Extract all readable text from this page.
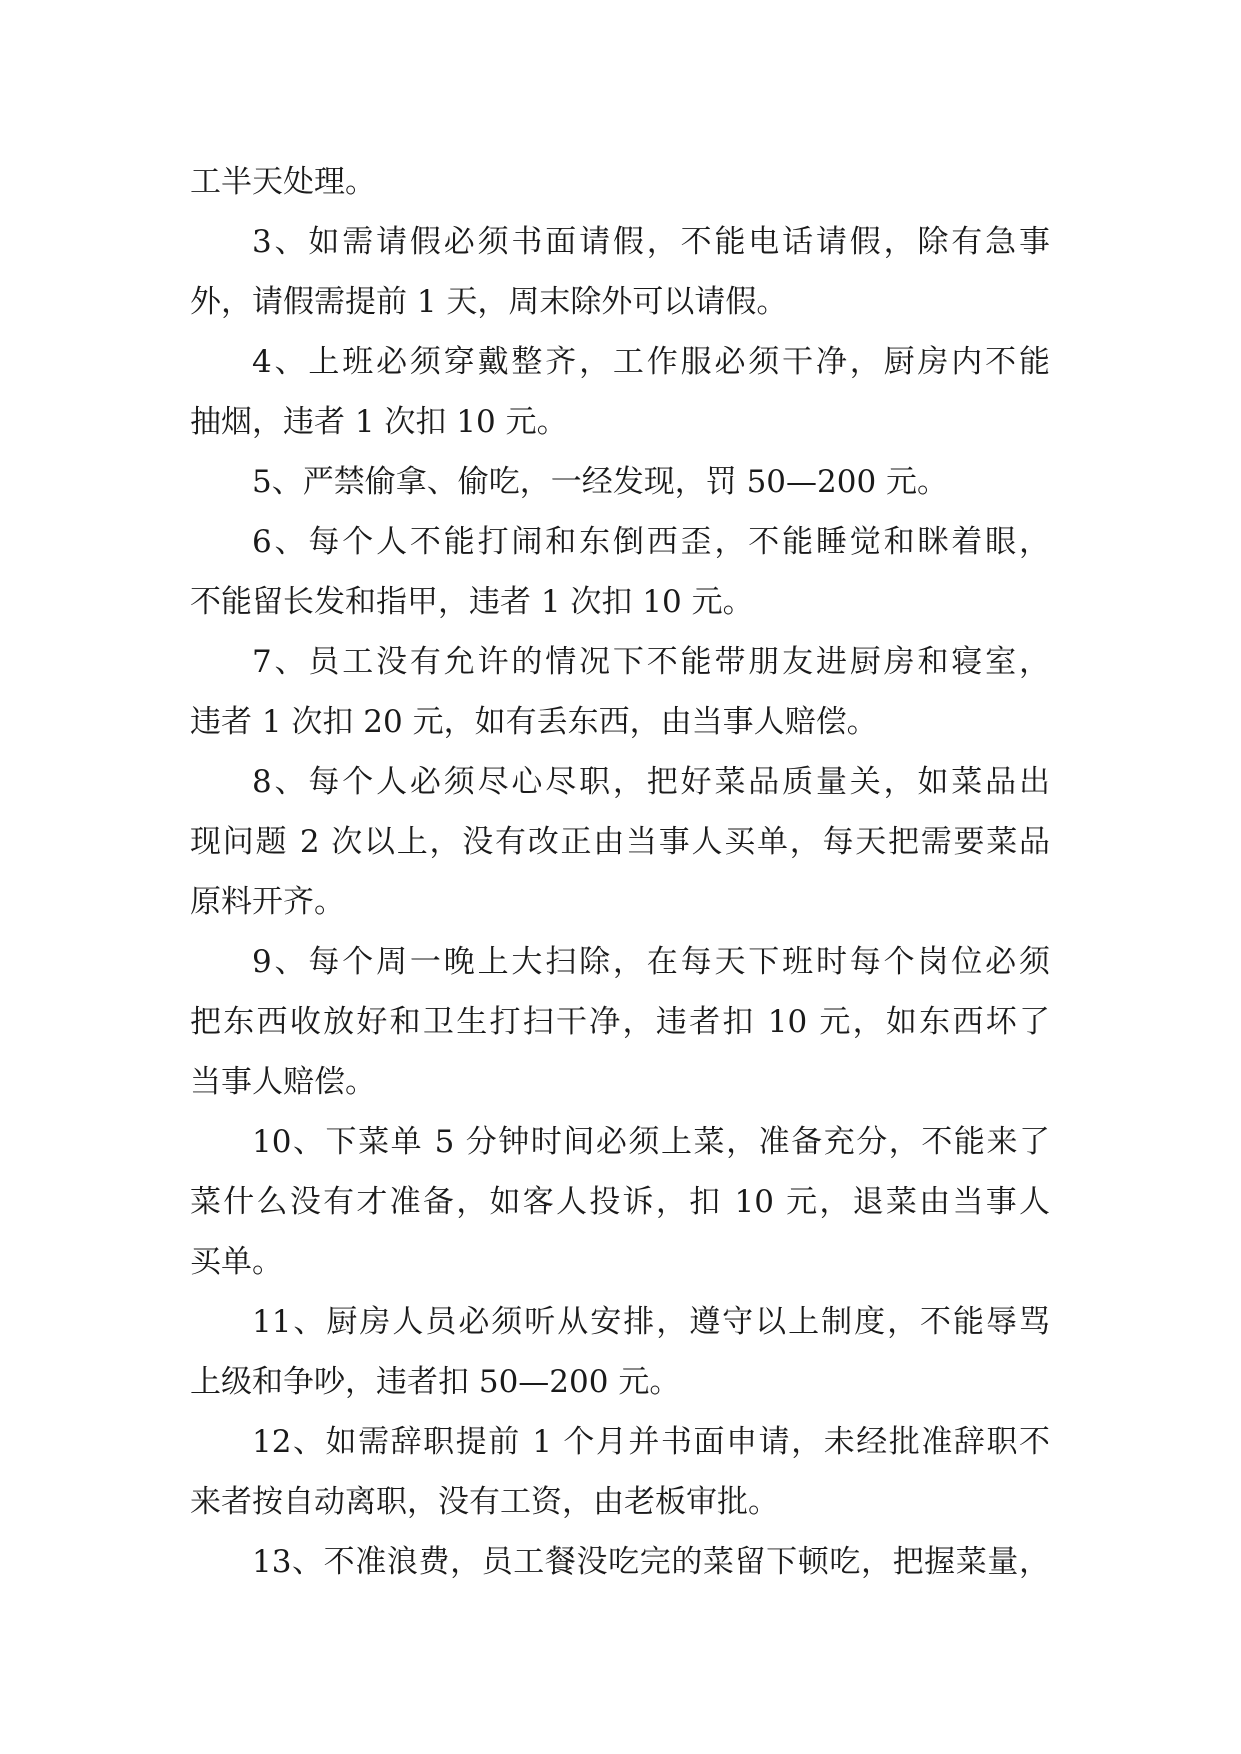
工半天处理。
3、如需请假必须书面请假，不能电话请假，除有急事
外，请假需提前 1 天，周末除外可以请假。
4、上班必须穿戴整齐，工作服必须干净，厨房内不能
抽烟，违者 1 次扣 10 元。
5、严禁偷拿、偷吃，一经发现，罚 50—200 元。
6、每个人不能打闹和东倒西歪，不能睡觉和眯着眼，
不能留长发和指甲，违者 1 次扣 10 元。
7、员工没有允许的情况下不能带朋友进厨房和寝室，
违者 1 次扣 20 元，如有丢东西，由当事人赔偿。
8、每个人必须尽心尽职，把好菜品质量关，如菜品出
现问题 2 次以上，没有改正由当事人买单，每天把需要菜品
原料开齐。
9、每个周一晚上大扫除，在每天下班时每个岗位必须
把东西收放好和卫生打扫干净，违者扣 10 元，如东西坏了
当事人赔偿。
10、下菜单 5 分钟时间必须上菜，准备充分，不能来了
菜什么没有才准备，如客人投诉，扣 10 元，退菜由当事人
买单。
11、厨房人员必须听从安排，遵守以上制度，不能辱骂
上级和争吵，违者扣 50—200 元。
12、如需辞职提前 1 个月并书面申请，未经批准辞职不
来者按自动离职，没有工资，由老板审批。
13、不准浪费，员工餐没吃完的菜留下顿吃，把握菜量，
